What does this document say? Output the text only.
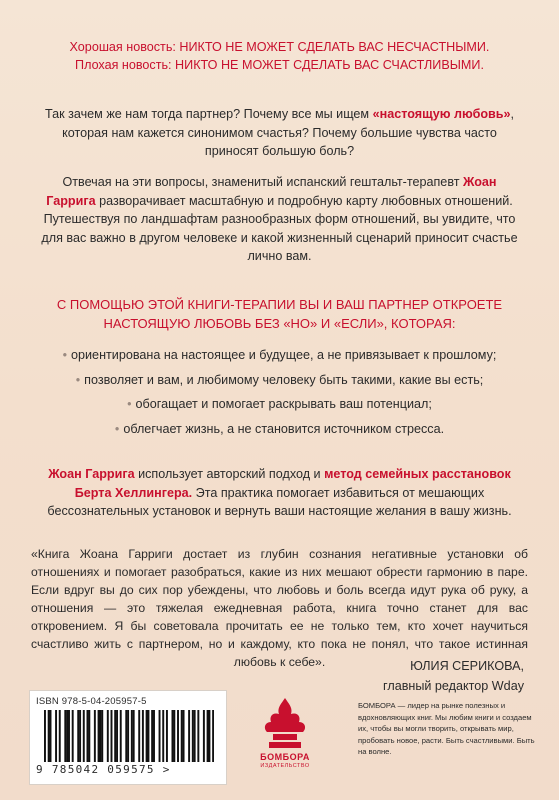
Хорошая новость: НИКТО НЕ МОЖЕТ СДЕЛАТЬ ВАС НЕСЧАСТНЫМИ.
Плохая новость: НИКТО НЕ МОЖЕТ СДЕЛАТЬ ВАС СЧАСТЛИВЫМИ.
Так зачем же нам тогда партнер? Почему все мы ищем «настоящую любовь», которая нам кажется синонимом счастья? Почему большие чувства часто приносят большую боль?
Отвечая на эти вопросы, знаменитый испанский гештальт-терапевт Жоан Гаррига разворачивает масштабную и подробную карту любовных отношений. Путешествуя по ландшафтам разнообразных форм отношений, вы увидите, что для вас важно в другом человеке и какой жизненный сценарий приносит счастье лично вам.
С ПОМОЩЬЮ ЭТОЙ КНИГИ-ТЕРАПИИ ВЫ И ВАШ ПАРТНЕР ОТКРОЕТЕ НАСТОЯЩУЮ ЛЮБОВЬ БЕЗ «НО» И «ЕСЛИ», КОТОРАЯ:
• ориентирована на настоящее и будущее, а не привязывает к прошлому;
• позволяет и вам, и любимому человеку быть такими, какие вы есть;
• обогащает и помогает раскрывать ваш потенциал;
• облегчает жизнь, а не становится источником стресса.
Жоан Гаррига использует авторский подход и метод семейных расстановок Берта Хеллингера. Эта практика помогает избавиться от мешающих бессознательных установок и вернуть ваши настоящие желания в вашу жизнь.
«Книга Жоана Гарриги достает из глубин сознания негативные установки об отношениях и помогает разобраться, какие из них мешают обрести гармонию в паре. Если вдруг вы до сих пор убеждены, что любовь и боль всегда идут рука об руку, а отношения — это тяжелая ежедневная работа, книга точно станет для вас откровением. Я бы советовала прочитать ее не только тем, кто хочет научиться счастливо жить с партнером, но и каждому, кто пока не понял, что такое истинная любовь к себе».	ЮЛИЯ СЕРИКОВА,
главный редактор Wday
ISBN 978-5-04-205957-5
9 785042 059575 >
БОМБОРА
ИЗДАТЕЛЬСТВО
БОМБОРА — лидер на рынке полезных и вдохновляющих книг. Мы любим книги и создаем их, чтобы вы могли творить, открывать мир, пробовать новое, расти. Быть счастливыми. Быть на волне.
